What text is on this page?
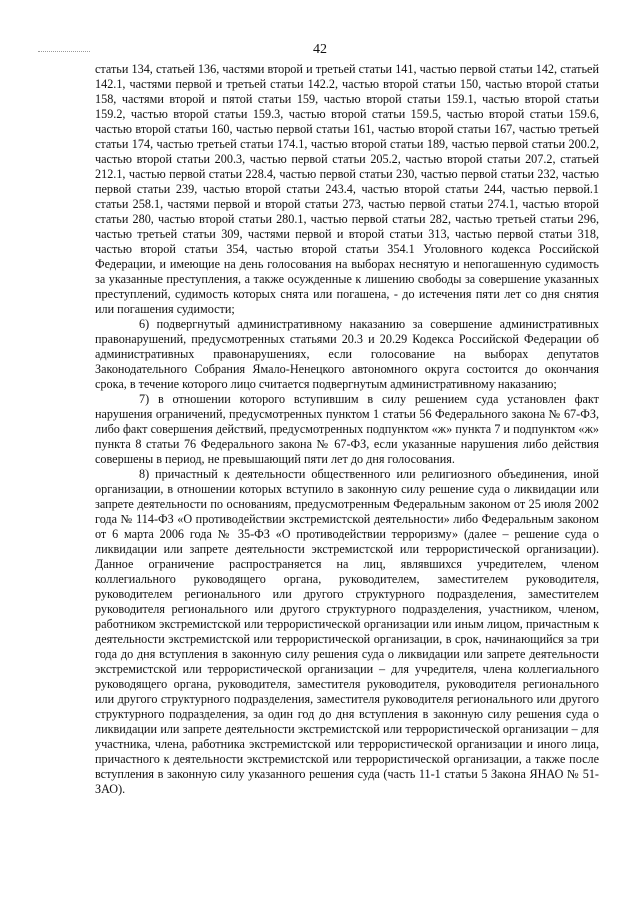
42

статьи 134, статьей 136, частями второй и третьей статьи 141, частью первой статьи 142, статьей 142.1, частями первой и третьей статьи 142.2, частью второй статьи 150, частью второй статьи 158, частями второй и пятой статьи 159, частью второй статьи 159.1, частью второй статьи 159.2, частью второй статьи 159.3, частью второй статьи 159.5, частью второй статьи 159.6, частью второй статьи 160, частью первой статьи 161, частью второй статьи 167, частью третьей статьи 174, частью третьей статьи 174.1, частью второй статьи 189, частью первой статьи 200.2, частью второй статьи 200.3, частью первой статьи 205.2, частью второй статьи 207.2, статьей 212.1, частью первой статьи 228.4, частью первой статьи 230, частью первой статьи 232, частью первой статьи 239, частью второй статьи 243.4, частью второй статьи 244, частью первой.1 статьи 258.1, частями первой и второй статьи 273, частью первой статьи 274.1, частью второй статьи 280, частью второй статьи 280.1, частью первой статьи 282, частью третьей статьи 296, частью третьей статьи 309, частями первой и второй статьи 313, частью первой статьи 318, частью второй статьи 354, частью второй статьи 354.1 Уголовного кодекса Российской Федерации, и имеющие на день голосования на выборах неснятую и непогашенную судимость за указанные преступления, а также осужденные к лишению свободы за совершение указанных преступлений, судимость которых снята или погашена, - до истечения пяти лет со дня снятия или погашения судимости;

6) подвергнутый административному наказанию за совершение административных правонарушений, предусмотренных статьями 20.3 и 20.29 Кодекса Российской Федерации об административных правонарушениях, если голосование на выборах депутатов Законодательного Собрания Ямало-Ненецкого автономного округа состоится до окончания срока, в течение которого лицо считается подвергнутым административному наказанию;

7) в отношении которого вступившим в силу решением суда установлен факт нарушения ограничений, предусмотренных пунктом 1 статьи 56 Федерального закона № 67-ФЗ, либо факт совершения действий, предусмотренных подпунктом «ж» пункта 7 и подпунктом «ж» пункта 8 статьи 76 Федерального закона № 67-ФЗ, если указанные нарушения либо действия совершены в период, не превышающий пяти лет до дня голосования.

8) причастный к деятельности общественного или религиозного объединения, иной организации, в отношении которых вступило в законную силу решение суда о ликвидации или запрете деятельности по основаниям, предусмотренным Федеральным законом от 25 июля 2002 года № 114-ФЗ «О противодействии экстремистской деятельности» либо Федеральным законом от 6 марта 2006 года № 35-ФЗ «О противодействии терроризму» (далее – решение суда о ликвидации или запрете деятельности экстремистской или террористической организации). Данное ограничение распространяется на лиц, являвшихся учредителем, членом коллегиального руководящего органа, руководителем, заместителем руководителя, руководителем регионального или другого структурного подразделения, заместителем руководителя регионального или другого структурного подразделения, участником, членом, работником экстремистской или террористической организации или иным лицом, причастным к деятельности экстремистской или террористической организации, в срок, начинающийся за три года до дня вступления в законную силу решения суда о ликвидации или запрете деятельности экстремистской или террористической организации – для учредителя, члена коллегиального руководящего органа, руководителя, заместителя руководителя, руководителя регионального или другого структурного подразделения, заместителя руководителя регионального или другого структурного подразделения, за один год до дня вступления в законную силу решения суда о ликвидации или запрете деятельности экстремистской или террористической организации – для участника, члена, работника экстремистской или террористической организации и иного лица, причастного к деятельности экстремистской или террористической организации, а также после вступления в законную силу указанного решения суда (часть 11-1 статьи 5 Закона ЯНАО № 51-ЗАО).
